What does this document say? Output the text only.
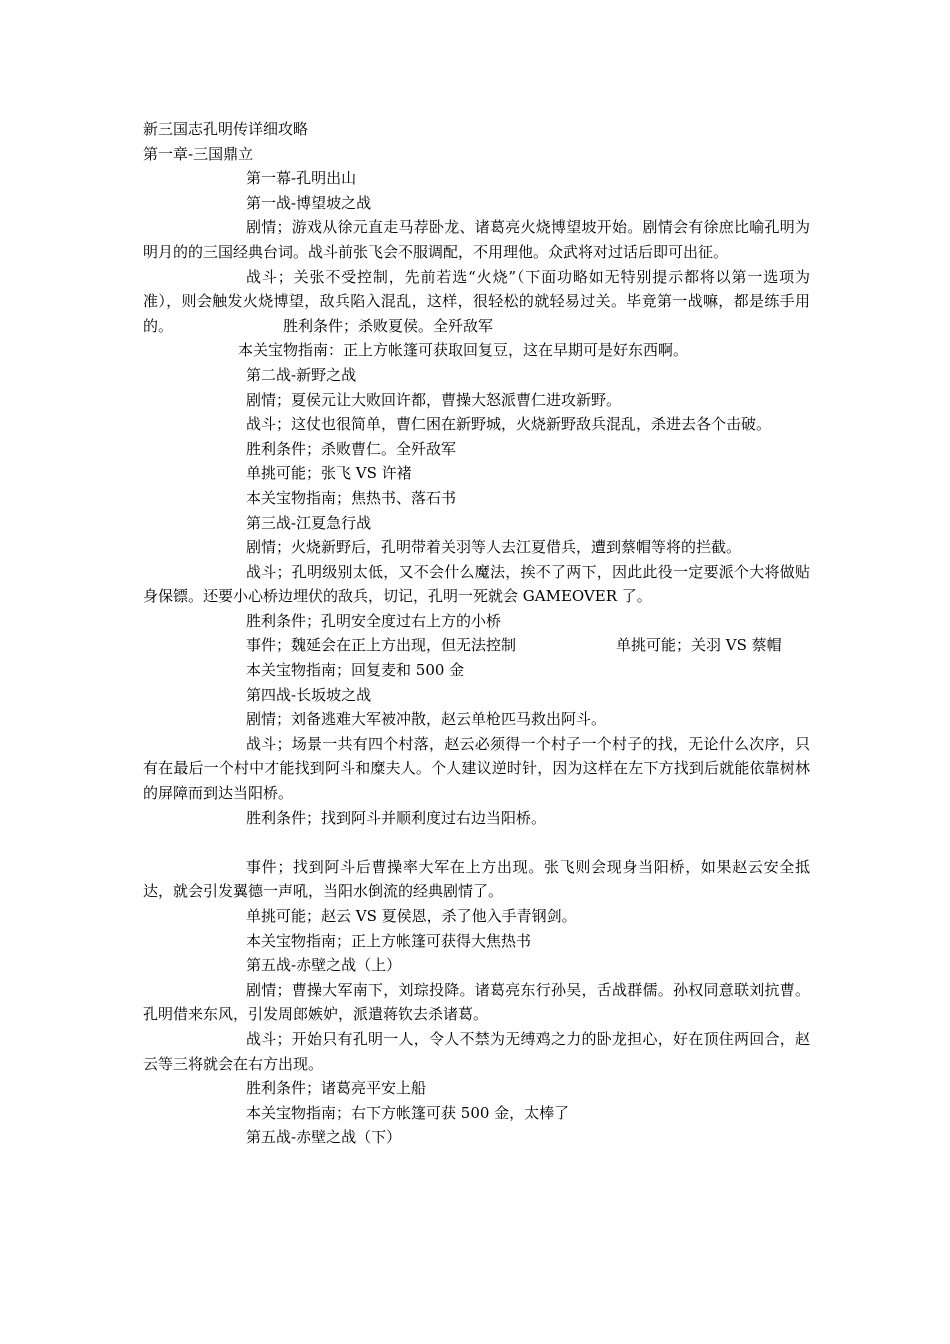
新三国志孔明传详细攻略

第一章-三国鼎立

第一幕-孔明出山

第一战-博望坡之战

剧情；游戏从徐元直走马荐卧龙、诸葛亮火烧博望坡开始。剧情会有徐庶比喻孔明为明月的的三国经典台词。战斗前张飞会不服调配，不用理他。众武将对过话后即可出征。

战斗；关张不受控制，先前若选“火烧”（下面功略如无特别提示都将以第一选项为准），则会触发火烧博望，敌兵陷入混乱，这样，很轻松的就轻易过关。毕竟第一战嘛，都是练手用的。	胜利条件；杀败夏侯。全歼敌军

本关宝物指南：正上方帐篷可获取回复豆，这在早期可是好东西啊。

第二战-新野之战

剧情；夏侯元让大败回许都，曹操大怒派曹仁进攻新野。

战斗；这仗也很简单，曹仁困在新野城，火烧新野敌兵混乱，杀进去各个击破。

胜利条件；杀败曹仁。全歼敌军

单挑可能；张飞 VS 许褚

本关宝物指南；焦热书、落石书

第三战-江夏急行战

剧情；火烧新野后，孔明带着关羽等人去江夏借兵，遭到蔡帽等将的拦截。

战斗；孔明级别太低，又不会什么魔法，挨不了两下，因此此役一定要派个大将做贴身保镖。还要小心桥边埋伏的敌兵，切记，孔明一死就会 GAMEOVER 了。

胜利条件；孔明安全度过右上方的小桥

事件；魏延会在正上方出现，但无法控制	单挑可能；关羽 VS 蔡帽

本关宝物指南；回复麦和 500 金

第四战-长坂坡之战

剧情；刘备逃难大军被冲散，赵云单枪匹马救出阿斗。

战斗；场景一共有四个村落，赵云必须得一个村子一个村子的找，无论什么次序，只有在最后一个村中才能找到阿斗和糜夫人。个人建议逆时针，因为这样在左下方找到后就能依靠树林的屏障而到达当阳桥。

胜利条件；找到阿斗并顺利度过右边当阳桥。

事件；找到阿斗后曹操率大军在上方出现。张飞则会现身当阳桥，如果赵云安全抵达，就会引发翼德一声吼，当阳水倒流的经典剧情了。

单挑可能；赵云 VS 夏侯恩，杀了他入手青钢剑。

本关宝物指南；正上方帐篷可获得大焦热书

第五战-赤壁之战（上）

剧情；曹操大军南下，刘琮投降。诸葛亮东行孙吴，舌战群儒。孙权同意联刘抗曹。孔明借来东风，引发周郎嫉妒，派遣蒋钦去杀诸葛。

战斗；开始只有孔明一人，令人不禁为无缚鸡之力的卧龙担心，好在顶住两回合，赵云等三将就会在右方出现。

胜利条件；诸葛亮平安上船

本关宝物指南；右下方帐篷可获 500 金，太棒了

第五战-赤壁之战（下）
